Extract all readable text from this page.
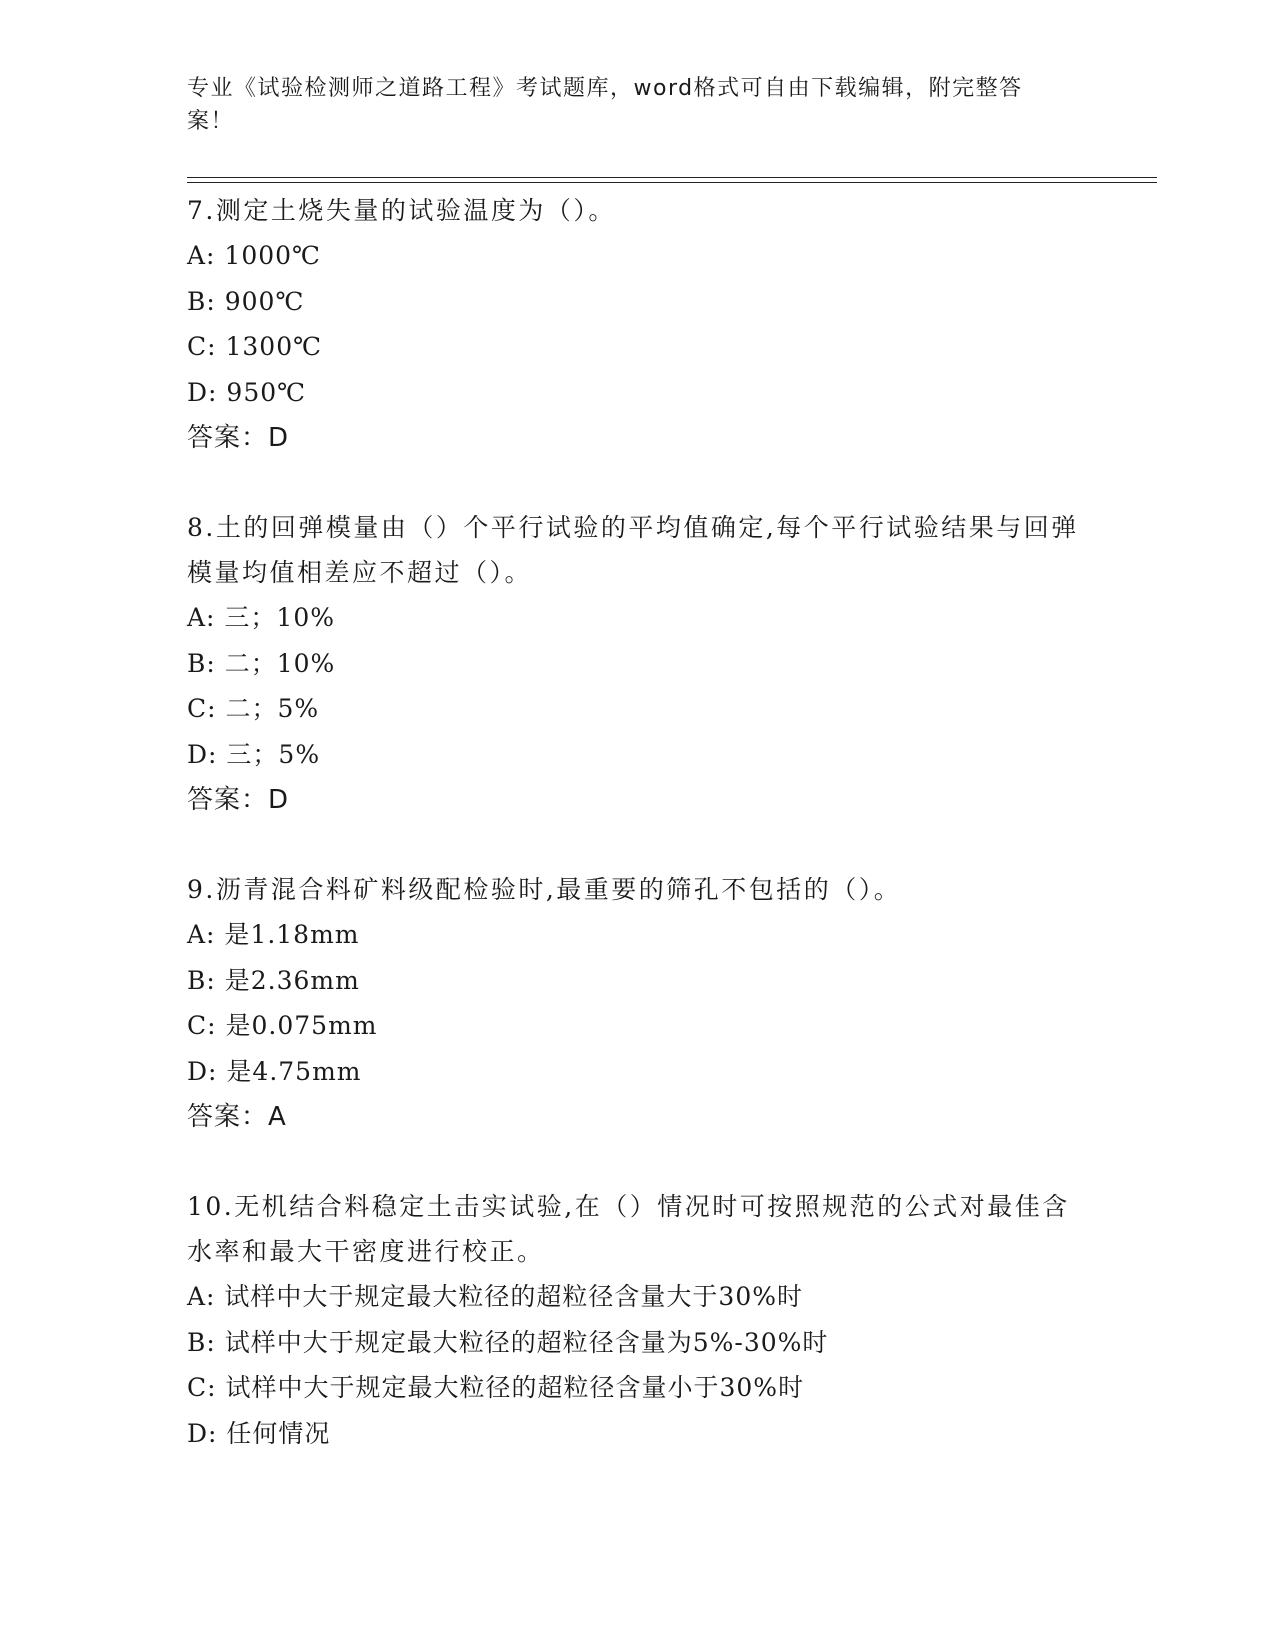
专业《试验检测师之道路工程》考试题库，word格式可自由下载编辑，附完整答案！
7.测定土烧失量的试验温度为（）。
A: 1000℃
B: 900℃
C: 1300℃
D: 950℃
答案：D
8.土的回弹模量由（）个平行试验的平均值确定,每个平行试验结果与回弹模量均值相差应不超过（）。
A: 三；10%
B: 二；10%
C: 二；5%
D: 三；5%
答案：D
9.沥青混合料矿料级配检验时,最重要的筛孔不包括的（）。
A: 是1.18mm
B: 是2.36mm
C: 是0.075mm
D: 是4.75mm
答案：A
10.无机结合料稳定土击实试验,在（）情况时可按照规范的公式对最佳含水率和最大干密度进行校正。
A: 试样中大于规定最大粒径的超粒径含量大于30%时
B: 试样中大于规定最大粒径的超粒径含量为5%-30%时
C: 试样中大于规定最大粒径的超粒径含量小于30%时
D: 任何情况
